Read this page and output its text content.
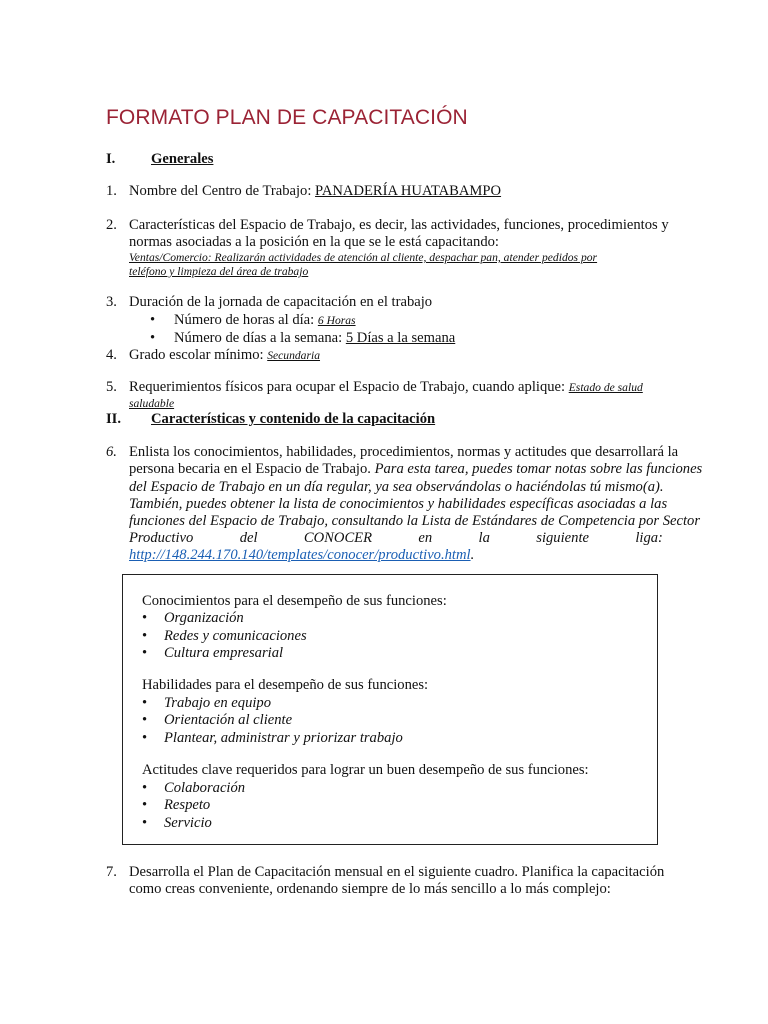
FORMATO PLAN DE CAPACITACIÓN
I. Generales
1. Nombre del Centro de Trabajo: PANADERÍA HUATABAMPO
2. Características del Espacio de Trabajo, es decir, las actividades, funciones, procedimientos y
normas asociadas a la posición en la que se le está capacitando:
Ventas/Comercio: Realizarán actividades de atención al cliente, despachar pan, atender pedidos por
teléfono y limpieza del área de trabajo
3. Duración de la jornada de capacitación en el trabajo
• Número de horas al día: 6 Horas
• Número de días a la semana: 5 Días a la semana
4. Grado escolar mínimo: Secundaria
5. Requerimientos físicos para ocupar el Espacio de Trabajo, cuando aplique: Estado de salud
saludable
II. Características y contenido de la capacitación
6. Enlista los conocimientos, habilidades, procedimientos, normas y actitudes que desarrollará la
persona becaria en el Espacio de Trabajo. Para esta tarea, puedes tomar notas sobre las funciones
del Espacio de Trabajo en un día regular, ya sea observándolas o haciéndolas tú mismo(a).
También, puedes obtener la lista de conocimientos y habilidades específicas asociadas a las
funciones del Espacio de Trabajo, consultando la Lista de Estándares de Competencia por Sector
Productivo	del	CONOCER	en	la	siguiente	liga:
http://148.244.170.140/templates/conocer/productivo.html.
Conocimientos para el desempeño de sus funciones:
• Organización
• Redes y comunicaciones
• Cultura empresarial
Habilidades para el desempeño de sus funciones:
• Trabajo en equipo
• Orientación al cliente
• Plantear, administrar y priorizar trabajo
Actitudes clave requeridos para lograr un buen desempeño de sus funciones:
• Colaboración
• Respeto
• Servicio
7. Desarrolla el Plan de Capacitación mensual en el siguiente cuadro. Planifica la capacitación
como creas conveniente, ordenando siempre de lo más sencillo a lo más complejo:
